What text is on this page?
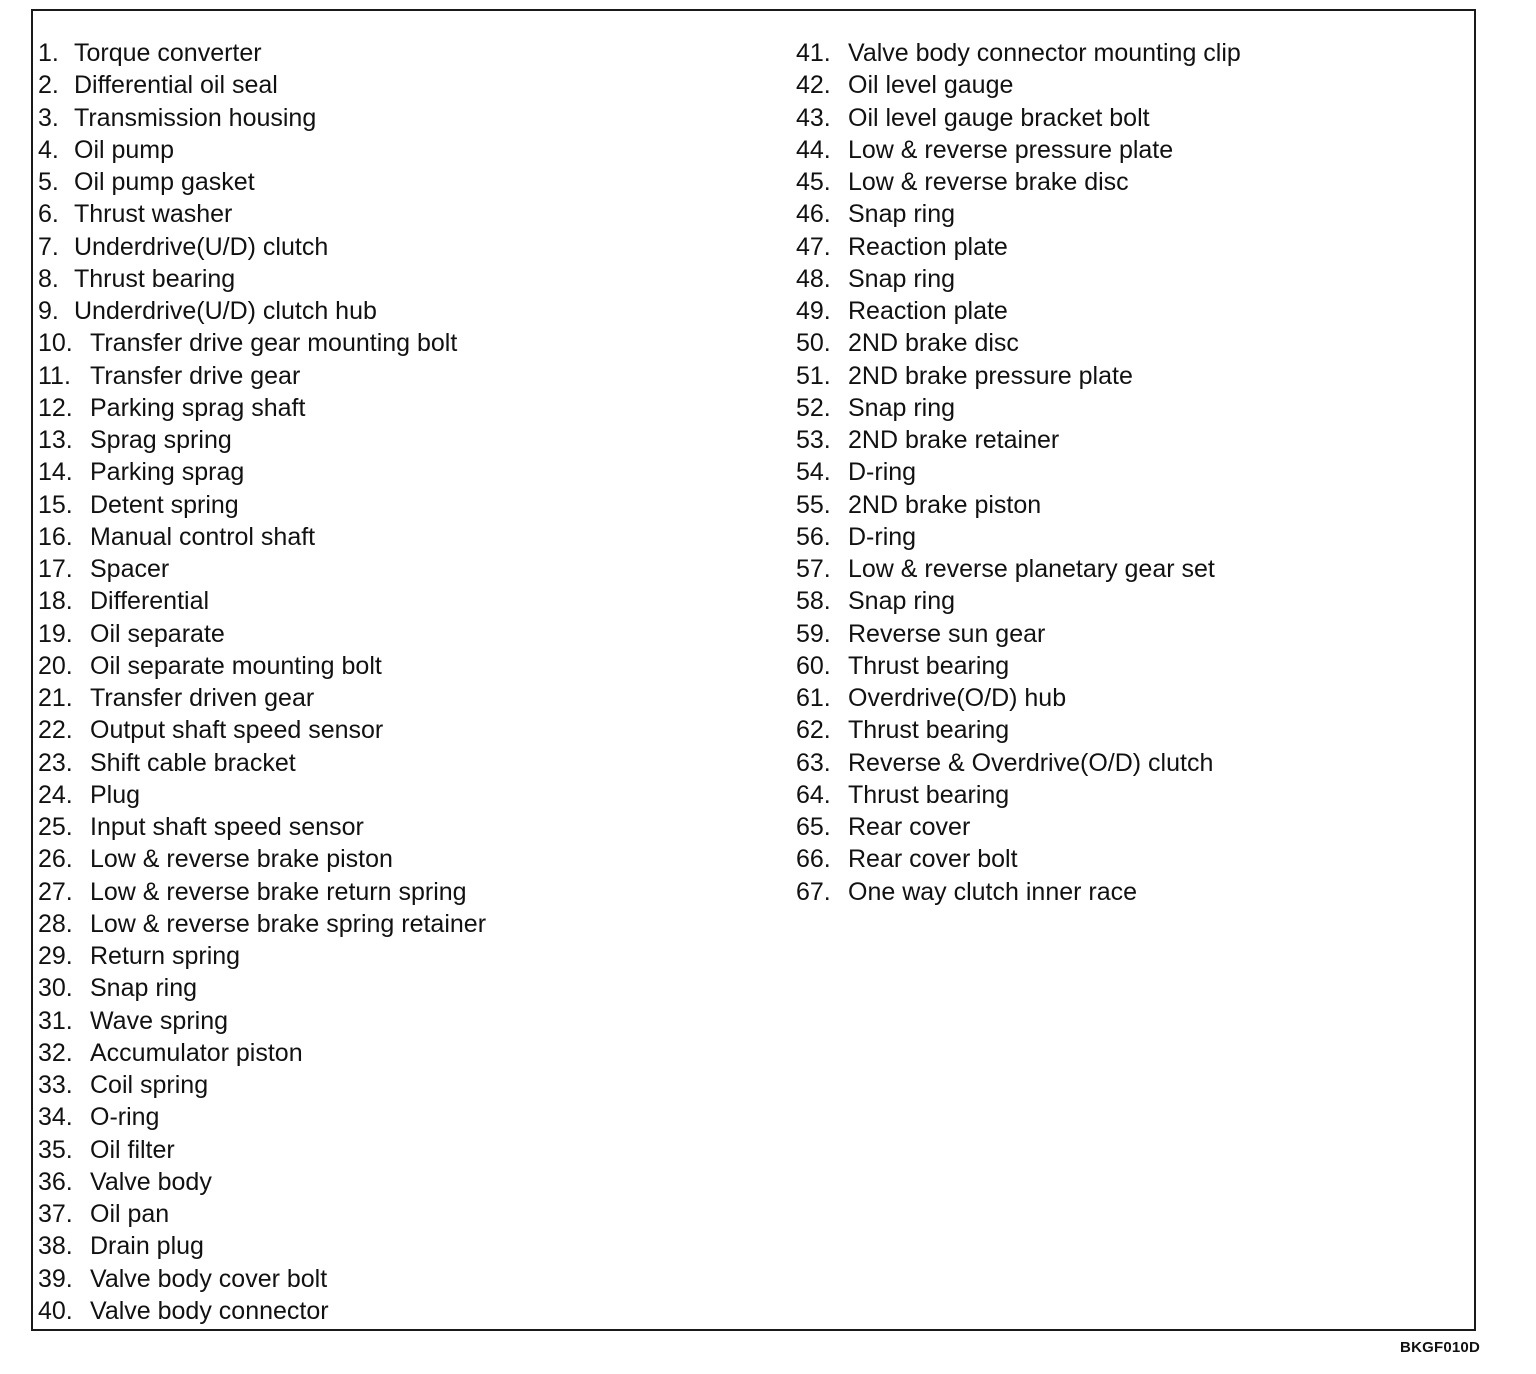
1. Torque converter
2. Differential oil seal
3. Transmission housing
4. Oil pump
5. Oil pump gasket
6. Thrust washer
7. Underdrive(U/D) clutch
8. Thrust bearing
9. Underdrive(U/D) clutch hub
10. Transfer drive gear mounting bolt
11. Transfer drive gear
12. Parking sprag shaft
13. Sprag spring
14. Parking sprag
15. Detent spring
16. Manual control shaft
17. Spacer
18. Differential
19. Oil separate
20. Oil separate mounting bolt
21. Transfer driven gear
22. Output shaft speed sensor
23. Shift cable bracket
24. Plug
25. Input shaft speed sensor
26. Low & reverse brake piston
27. Low & reverse brake return spring
28. Low & reverse brake spring retainer
29. Return spring
30. Snap ring
31. Wave spring
32. Accumulator piston
33. Coil spring
34. O-ring
35. Oil filter
36. Valve body
37. Oil pan
38. Drain plug
39. Valve body cover bolt
40. Valve body connector
41. Valve body connector mounting clip
42. Oil level gauge
43. Oil level gauge bracket bolt
44. Low & reverse pressure plate
45. Low & reverse brake disc
46. Snap ring
47. Reaction plate
48. Snap ring
49. Reaction plate
50. 2ND brake disc
51. 2ND brake pressure plate
52. Snap ring
53. 2ND brake retainer
54. D-ring
55. 2ND brake piston
56. D-ring
57. Low & reverse planetary gear set
58. Snap ring
59. Reverse sun gear
60. Thrust bearing
61. Overdrive(O/D) hub
62. Thrust bearing
63. Reverse & Overdrive(O/D) clutch
64. Thrust bearing
65. Rear cover
66. Rear cover bolt
67. One way clutch inner race
BKGF010D
